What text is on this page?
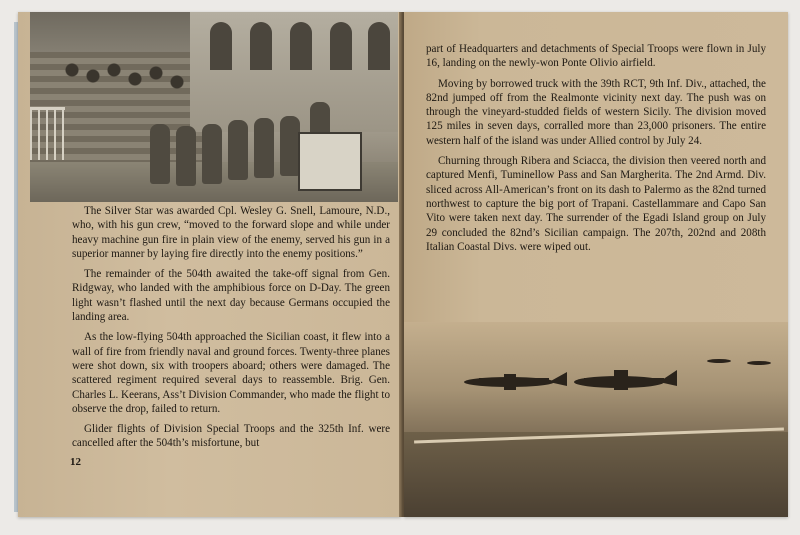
The Silver Star was awarded Cpl. Wesley G. Snell, Lamoure, N.D., who, with his gun crew, “moved to the forward slope and while under heavy machine gun fire in plain view of the enemy, served his gun in a superior manner by laying fire directly into the enemy positions.”

The remainder of the 504th awaited the take-off signal from Gen. Ridgway, who landed with the amphibious force on D-Day. The green light wasn’t flashed until the next day because Germans occupied the landing area.

As the low-flying 504th approached the Sicilian coast, it flew into a wall of fire from friendly naval and ground forces. Twenty-three planes were shot down, six with troopers aboard; others were damaged. The scattered regiment required several days to reassemble. Brig. Gen. Charles L. Keerans, Ass’t Division Commander, who made the flight to observe the drop, failed to return.

Glider flights of Division Special Troops and the 325th Inf. were cancelled after the 504th’s misfortune, but

12

part of Headquarters and detachments of Special Troops were flown in July 16, landing on the newly-won Ponte Olivio airfield.

Moving by borrowed truck with the 39th RCT, 9th Inf. Div., attached, the 82nd jumped off from the Realmonte vicinity next day. The push was on through the vineyard-studded fields of western Sicily. The division moved 125 miles in seven days, corralled more than 23,000 prisoners. The entire western half of the island was under Allied control by July 24.

Churning through Ribera and Sciacca, the division then veered north and captured Menfi, Tuminellow Pass and San Margherita. The 2nd Armd. Div. sliced across All-American’s front on its dash to Palermo as the 82nd turned northwest to capture the big port of Trapani. Castellammare and Capo San Vito were taken next day. The surrender of the Egadi Island group on July 29 concluded the 82nd’s Sicilian campaign. The 207th, 202nd and 208th Italian Coastal Divs. were wiped out.
